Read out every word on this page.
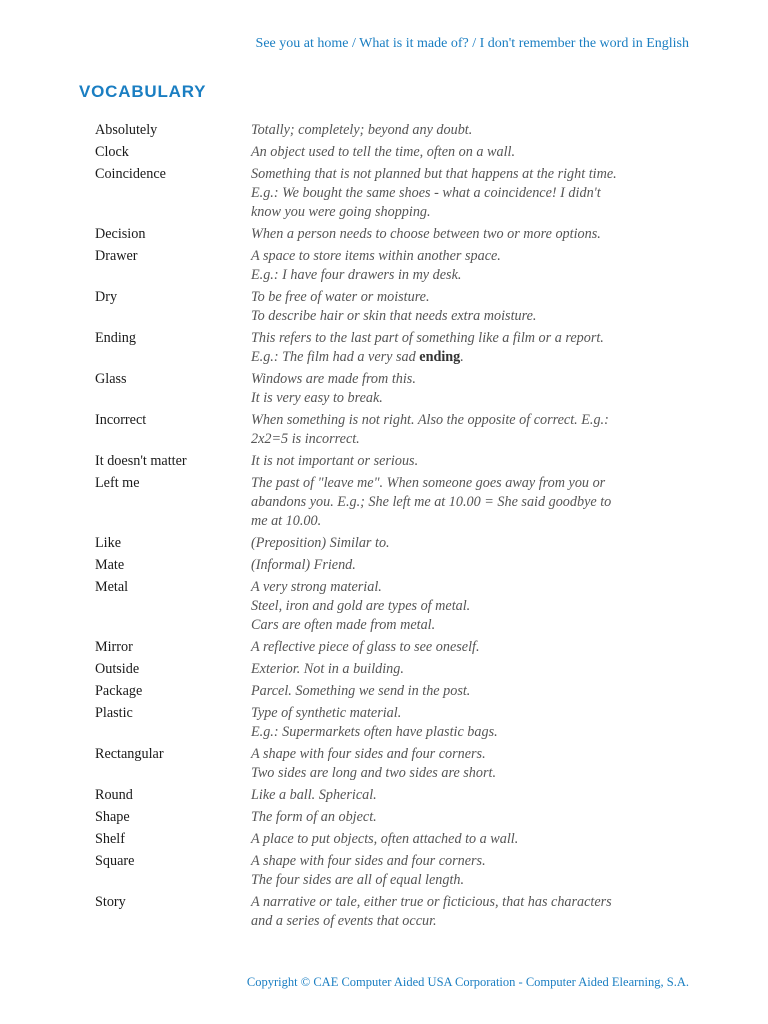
See you at home / What is it made of? / I don't remember the word in English
VOCABULARY
Absolutely	Totally; completely; beyond any doubt.
Clock	An object used to tell the time, often on a wall.
Coincidence	Something that is not planned but that happens at the right time.
E.g.: We bought the same shoes - what a coincidence! I didn't
know you were going shopping.
Decision	When a person needs to choose between two or more options.
Drawer	A space to store items within another space.
E.g.: I have four drawers in my desk.
Dry	To be free of water or moisture.
To describe hair or skin that needs extra moisture.
Ending	This refers to the last part of something like a film or a report.
E.g.: The film had a very sad ending.
Glass	Windows are made from this.
It is very easy to break.
Incorrect	When something is not right. Also the opposite of correct. E.g.:
2x2=5 is incorrect.
It doesn't matter	It is not important or serious.
Left me	The past of "leave me". When someone goes away from you or
abandons you. E.g.; She left me at 10.00 = She said goodbye to
me at 10.00.
Like	(Preposition) Similar to.
Mate	(Informal) Friend.
Metal	A very strong material.
Steel, iron and gold are types of metal.
Cars are often made from metal.
Mirror	A reflective piece of glass to see oneself.
Outside	Exterior. Not in a building.
Package	Parcel. Something we send in the post.
Plastic	Type of synthetic material.
E.g.: Supermarkets often have plastic bags.
Rectangular	A shape with four sides and four corners.
Two sides are long and two sides are short.
Round	Like a ball. Spherical.
Shape	The form of an object.
Shelf	A place to put objects, often attached to a wall.
Square	A shape with four sides and four corners.
The four sides are all of equal length.
Story	A narrative or tale, either true or ficticious, that has characters
and a series of events that occur.
Copyright © CAE Computer Aided USA Corporation - Computer Aided Elearning, S.A.
